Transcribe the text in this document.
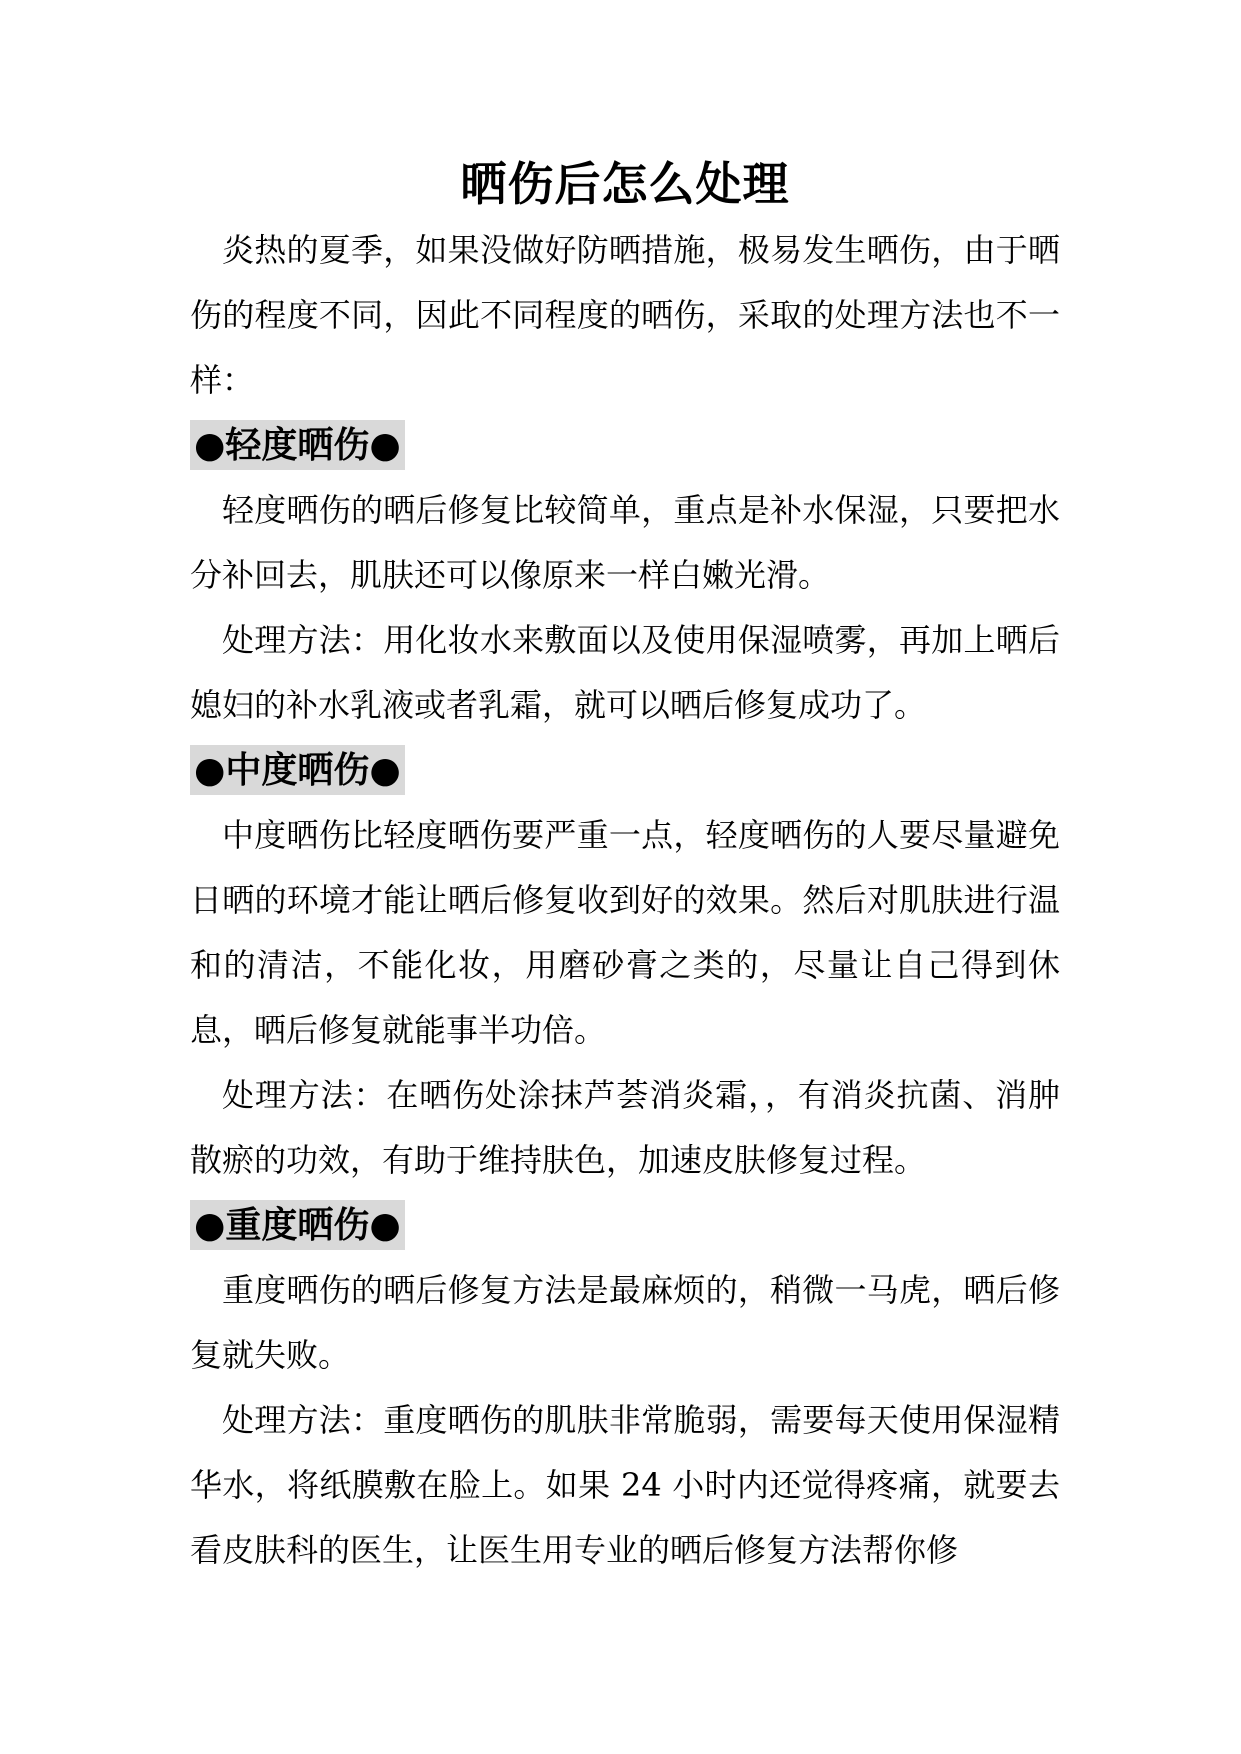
晒伤后怎么处理

炎热的夏季，如果没做好防晒措施，极易发生晒伤，由于晒伤的程度不同，因此不同程度的晒伤，采取的处理方法也不一样：

●轻度晒伤●

轻度晒伤的晒后修复比较简单，重点是补水保湿，只要把水分补回去，肌肤还可以像原来一样白嫩光滑。

处理方法：用化妆水来敷面以及使用保湿喷雾，再加上晒后媳妇的补水乳液或者乳霜，就可以晒后修复成功了。

●中度晒伤●

中度晒伤比轻度晒伤要严重一点，轻度晒伤的人要尽量避免日晒的环境才能让晒后修复收到好的效果。然后对肌肤进行温和的清洁，不能化妆，用磨砂膏之类的，尽量让自己得到休息，晒后修复就能事半功倍。

处理方法：在晒伤处涂抹芦荟消炎霜，，有消炎抗菌、消肿散瘀的功效，有助于维持肤色，加速皮肤修复过程。

●重度晒伤●

重度晒伤的晒后修复方法是最麻烦的，稍微一马虎，晒后修复就失败。

处理方法：重度晒伤的肌肤非常脆弱，需要每天使用保湿精华水，将纸膜敷在脸上。如果 24 小时内还觉得疼痛，就要去看皮肤科的医生，让医生用专业的晒后修复方法帮你修
